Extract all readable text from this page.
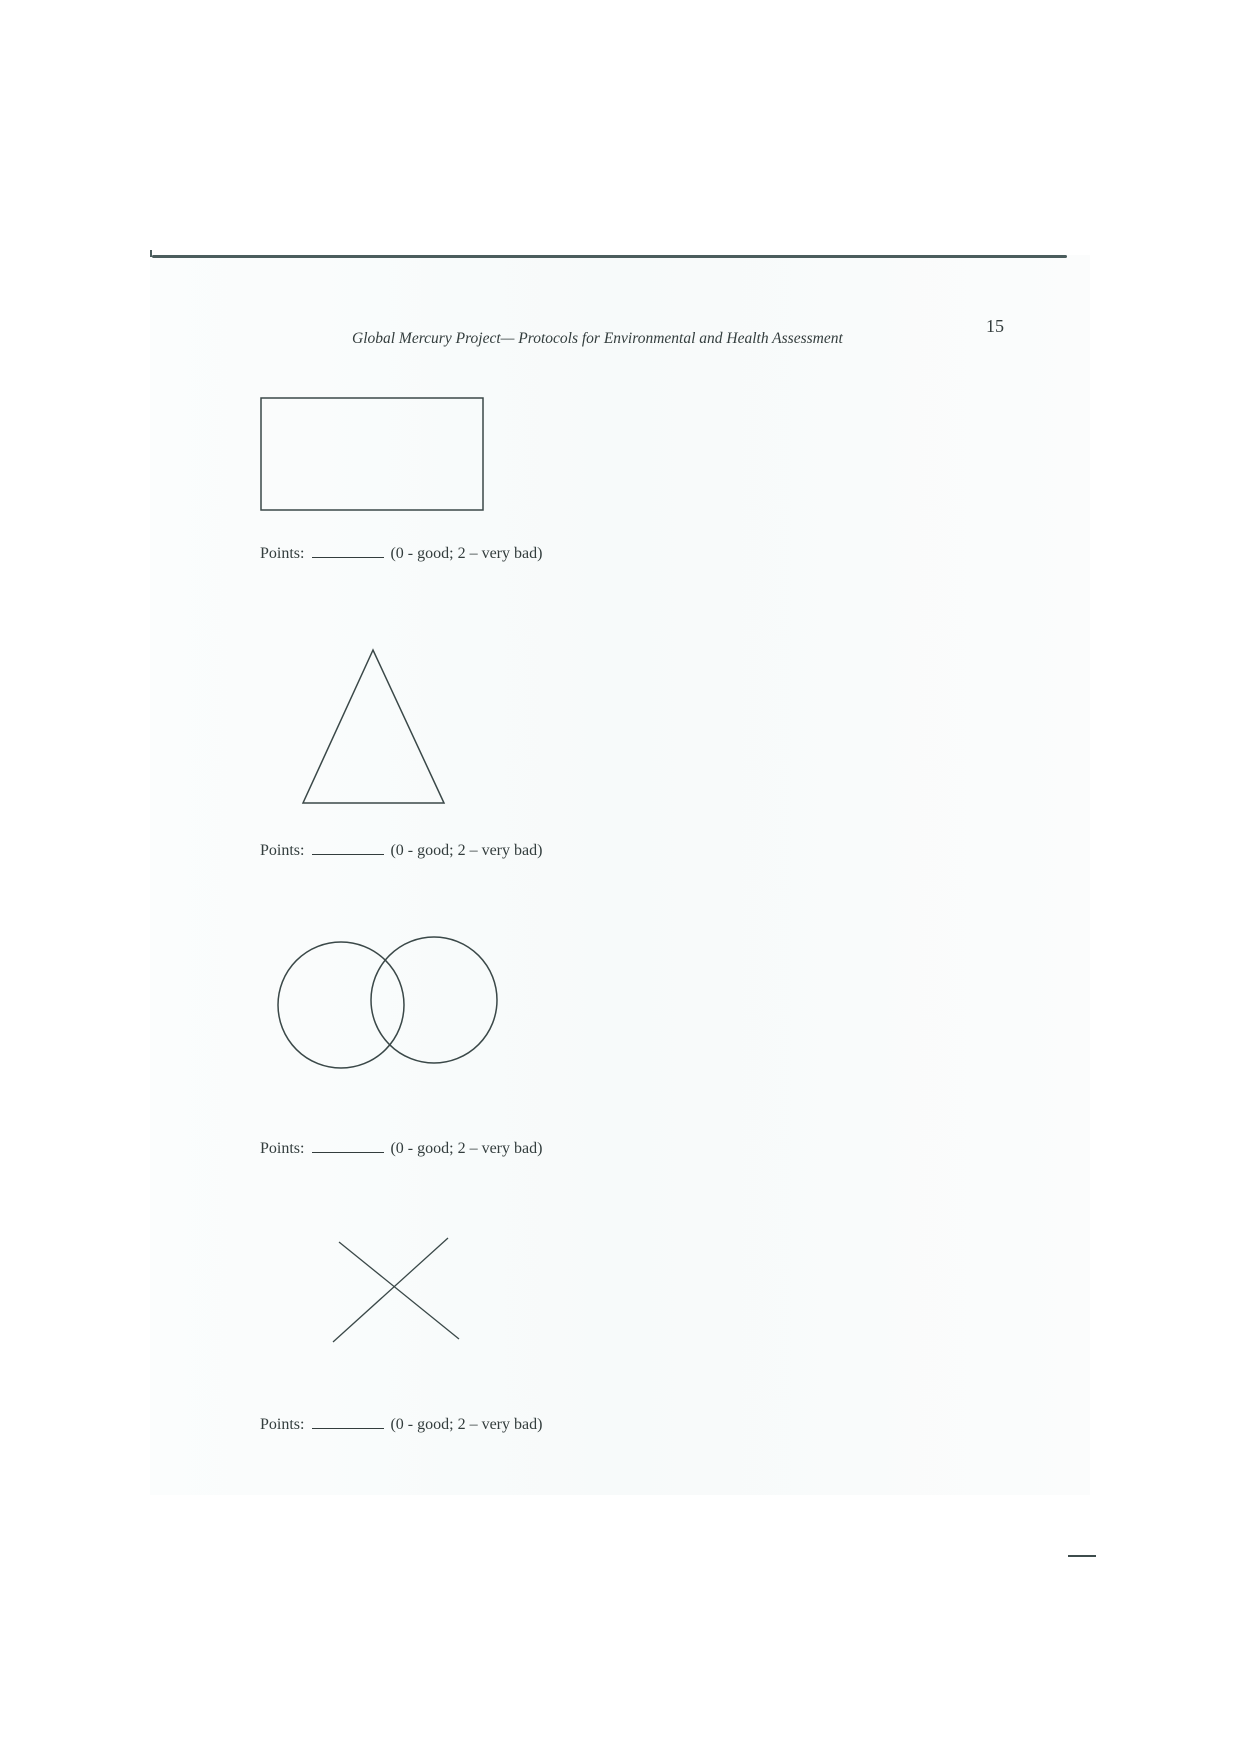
Global Mercury Project— Protocols for Environmental and Health Assessment
15
Points:	(0 - good; 2 – very bad)
Points:	(0 - good; 2 – very bad)
Points:	(0 - good; 2 – very bad)
Points:	(0 - good; 2 – very bad)
